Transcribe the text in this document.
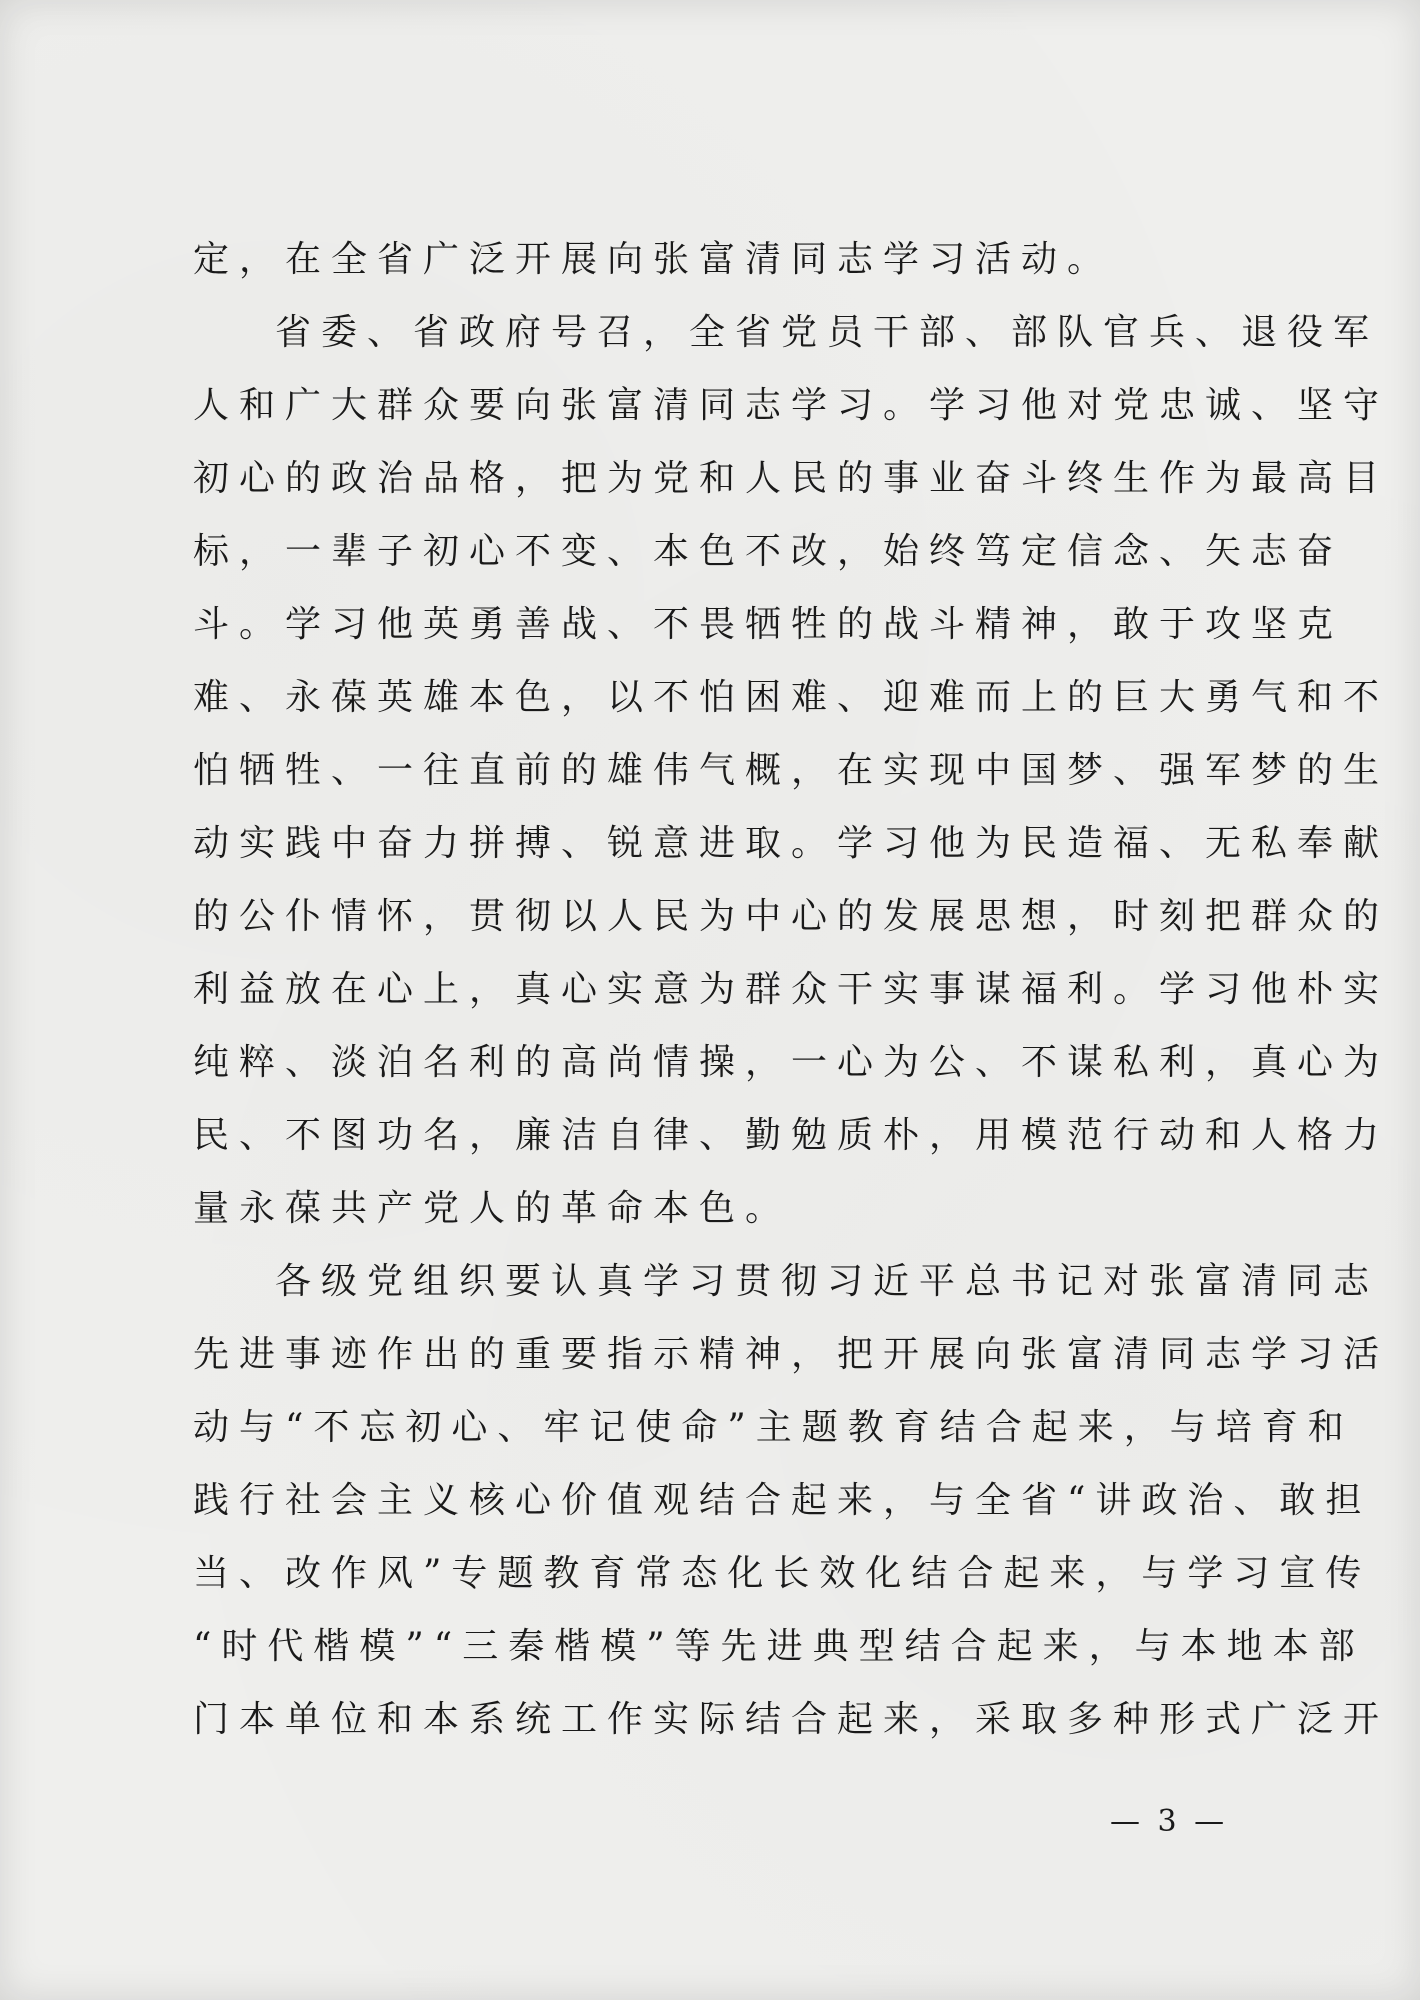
定，在全省广泛开展向张富清同志学习活动。
省委、省政府号召，全省党员干部、部队官兵、退役军
人和广大群众要向张富清同志学习。学习他对党忠诚、坚守
初心的政治品格，把为党和人民的事业奋斗终生作为最高目
标，一辈子初心不变、本色不改，始终笃定信念、矢志奋
斗。学习他英勇善战、不畏牺牲的战斗精神，敢于攻坚克
难、永葆英雄本色，以不怕困难、迎难而上的巨大勇气和不
怕牺牲、一往直前的雄伟气概，在实现中国梦、强军梦的生
动实践中奋力拼搏、锐意进取。学习他为民造福、无私奉献
的公仆情怀，贯彻以人民为中心的发展思想，时刻把群众的
利益放在心上，真心实意为群众干实事谋福利。学习他朴实
纯粹、淡泊名利的高尚情操，一心为公、不谋私利，真心为
民、不图功名，廉洁自律、勤勉质朴，用模范行动和人格力
量永葆共产党人的革命本色。
各级党组织要认真学习贯彻习近平总书记对张富清同志
先进事迹作出的重要指示精神，把开展向张富清同志学习活
动与“不忘初心、牢记使命”主题教育结合起来，与培育和
践行社会主义核心价值观结合起来，与全省“讲政治、敢担
当、改作风”专题教育常态化长效化结合起来，与学习宣传
“时代楷模”“三秦楷模”等先进典型结合起来，与本地本部
门本单位和本系统工作实际结合起来，采取多种形式广泛开
— 3 —
